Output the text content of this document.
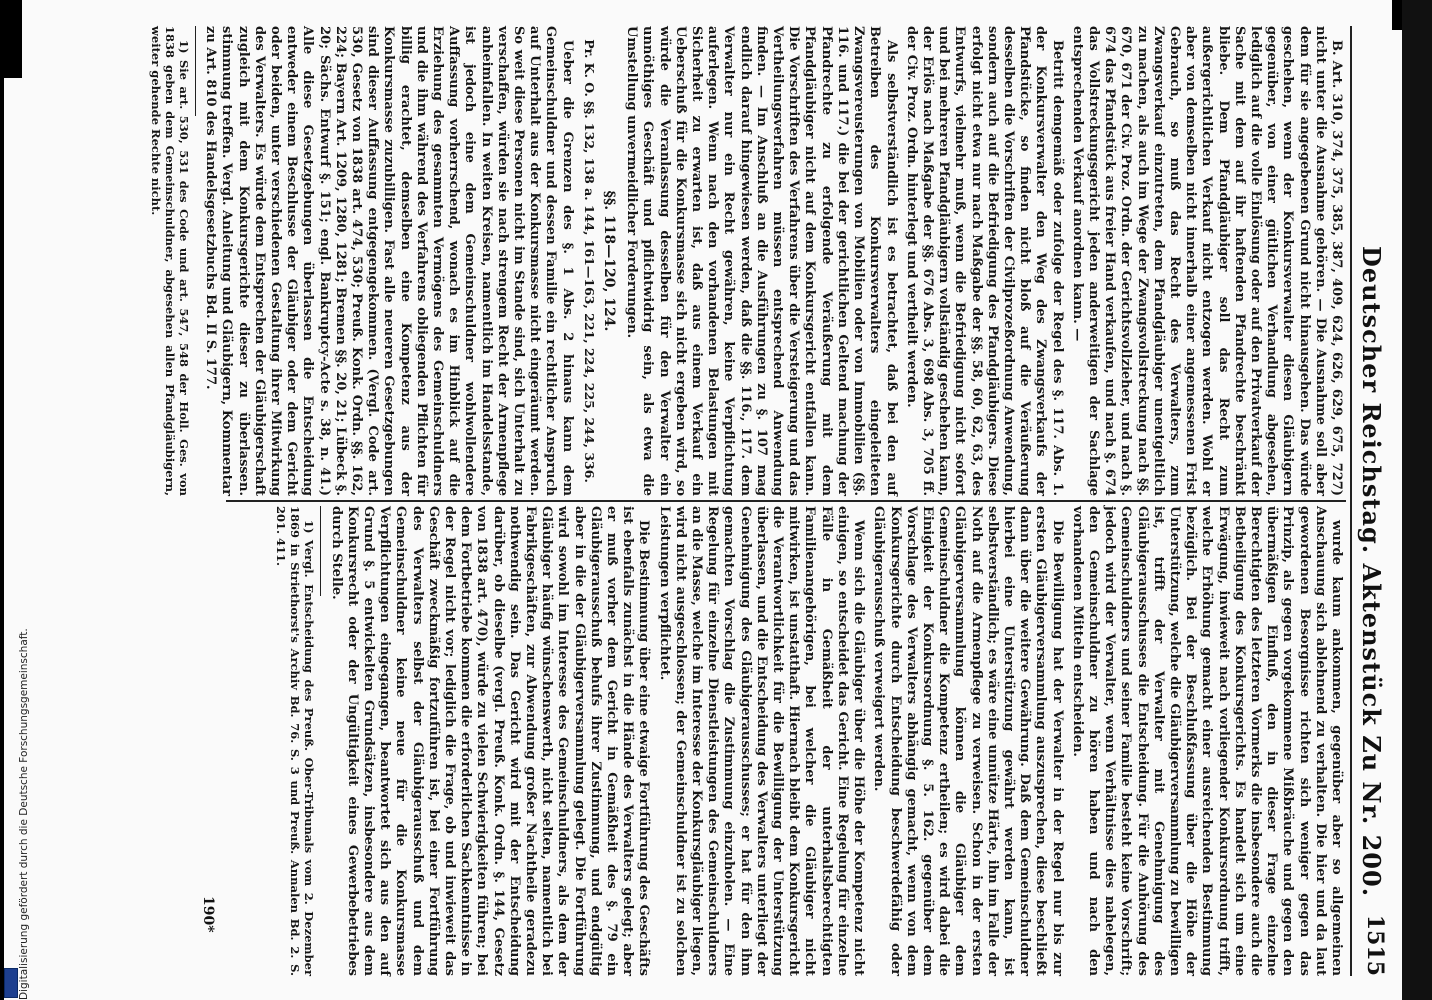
Digitalisierung gefördert durch die Deutsche Forschungsgemeinschaft.	Deutscher Reichstag. Aktenstück Zu Nr. 200.
1515

B. Art. 310, 374, 375, 385, 387, 409, 624, 626, 629, 675, 727) nicht unter die Ausnahme gehören. — Die Ausnahme soll aber dem für sie angegebenen Grund nicht hinausgehen. Das würde geschehen, wenn der Konkursverwalter diesen Gläubigern gegenüber, von einer gütlichen Verhandlung abgesehen, lediglich auf die volle Einlösung oder auf den Privatverkauf der Sache mit dem auf ihr haftenden Pfandrechte beschränkt bliebe. Dem Pfandgläubiger soll das Recht zum außergerichtlichen Verkauf nicht entzogen werden. Wohl er aber von demselben nicht innerhalb einer angemessenen Frist Gebrauch, so muß das Recht des Verwalters, zum Zwangsverkauf einzutreten, dem Pfandgläubiger unentgeltlich zu machen, als auch im Wege der Zwangsvollstreckung nach §§. 670, 671 der Civ. Proz. Ordn. der Gerichtsvollzieher, und nach §. 674 das Pfandstück aus freier Hand verkaufen, und nach §. 674 das Vollstreckungsgericht jeden anderweitigen der Sachlage entsprechenden Verkauf anordnen kann. —

Betritt demgemäß oder zufolge der Regel des §. 117. Abs. 1. der Konkursverwalter den Weg des Zwangsverkaufs der Pfandstücke, so finden nicht bloß auf die Veräußerung desselben die Vorschriften der Civilprozeßordnung Anwendung, sondern auch auf die Befriedigung des Pfandgläubigers. Diese erfolgt nicht etwa nur nach Maßgabe der §§. 58, 60, 62, 63, des Entwurfs, vielmehr muß, wenn die Befriedigung nicht sofort und bei mehreren Pfandgläubigern vollständig geschehen kann, der Erlös nach Maßgabe der §§. 676 Abs. 3, 698 Abs. 3, 705 ff. der Civ. Proz. Ordn. hinterlegt und vertheilt werden.

Als selbstverständlich ist es betrachtet, daß bei den auf Betreiben des Konkursverwalters eingeleiteten Zwangsvereusterungen von Mobilien oder von Immobilien (§§. 116. und 117.) die bei der gerichtlichen Geltend machung der Pfandrechte zu erfolgende Veräußerung mit dem Pfandgläubiger nicht auf dem Konkursgericht entfallen kann. Die Vorschriften des Verfahrens über die Versteigerung und das Vertheilungsverfahren müssen entsprechend Anwendung finden. — Im Anschluß an die Ausführungen zu §. 107 mag endlich darauf hingewiesen werden, daß die §§. 116., 117. dem Verwalter nur ein Recht gewähren, keine Verpflichtung auferlegen. Wenn nach den vorhandenen Belastungen mit Sicherheit zu erwarten ist, daß aus einem Verkauf ein Ueberschuß für die Konkursmasse sich nicht ergeben wird, so würde die Veranlassung desselben für den Verwalter ein unnöthiges Geschäft und pflichtwidrig sein, als etwa die Umstellung unvermeidlicher Forderungen.

§§. 118—120, 124.

Pr. K. O. §§. 132, 138 a. 144, 161—163, 221, 224, 225, 244, 336.

Ueber die Grenzen des §. 1 Abs. 2 hinaus kann dem Gemeinschuldner und dessen Familie ein rechtlicher Anspruch auf Unterhalt aus der Konkursmasse nicht eingeräumt werden. So weit diese Personen nicht im Stande sind, sich Unterhalt zu verschaffen, würden sie nach strengem Recht der Armenpflege anheimfallen. In weiten Kreisen, namentlich im Handelsstande, ist jedoch eine dem Gemeinschuldner wohlwollendere Auffassung vorherrschend, wonach es im Hinblick auf die Erziehung des gesammten Vermögens des Gemeinschuldners und die ihm während des Verfahrens obliegenden Pflichten für billig erachtet, demselben eine Kompetenz aus der Konkursmasse zuzubilligen. Fast alle neueren Gesetzgebungen sind dieser Auffassung entgegengekommen. (Vergl. Code art. 530, Gesetz von 1838 art. 474, 530; Preuß. Konk. Ordn. §§. 162, 224; Bayern Art. 1209, 1280, 1281; Bremen §§. 20, 21; Lübeck §. 20; Sächs. Entwurf §. 151; engl. Bankruptcy-Acte s. 38, n. 41.) Alle diese Gesetzgebungen überlassen die Entscheidung entweder einem Beschlusse der Gläubiger oder dem Gericht oder beiden, unter verschiedenen Gestaltung ihrer Mitwirkung des Verwalters. Es würde dem Entsprechen der Gläubigerschaft zugleich mit dem Konkursgerichte dieser zu überlassen. stimmung treffen. Vergl. Anleitung und Gläubigern, Kommentar zu Art. 810 des Handelsgesetzbuchs Bd. II S. 177.

1) Sie art. 530, 531 des Code und art. 547, 548 der Holl. Ges. von 1838 geben dem Gemeinschuldner, abgesehen allen Pfandgläubigern, weiter gehende Rechte nicht.

wurde kaum ankommen, gegenüber aber so allgemeinen Anschauung sich ablehnend zu verhalten. Die hier und da laut gewordenen Besorgnisse richten sich weniger gegen das Prinzip, als gegen vorgekommene Mißbräuche und gegen den übermäßigen Einfluß, den in dieser Frage einzelne Berechtigten des letzteren Vormerks die insbesondere auch die Betheiligung des Konkursgerichts. Es handelt sich um eine Erwägung, inwieweit nach vorliegender Konkursordnung trifft, welche Erhöhung gemacht einer ausreichenden Bestimmung bezüglich. Bei der Beschlußfassung über die Höhe der Unterstützung, welche die Gläubigerversammlung zu bewilligen ist, trifft der Verwalter mit Genehmigung des Gläubigerausschusses die Entscheidung. Für die Anhörung des Gemeinschuldners und seiner Familie besteht keine Vorschrift; jedoch wird der Verwalter, wenn Verhältnisse dies nahelegen, den Gemeinschuldner zu hören haben und nach den vorhandenen Mitteln entscheiden.

Die Bewilligung hat der Verwalter in der Regel nur bis zur ersten Gläubigerversammlung auszusprechen, diese beschließt dann über die weitere Gewährung. Daß dem Gemeinschuldner hierbei eine Unterstützung gewährt werden kann, ist selbstverständlich; es wäre eine unnütze Härte, ihn im Falle der Noth auf die Armenpflege zu verweisen. Schon in der ersten Gläubigerversammlung können die Gläubiger dem Gemeinschuldner die Kompetenz ertheilen; es wird dabei die Einigkeit der Konkursordnung §. 5. 162. gegenüber dem Vorschlage des Verwalters abhängig gemacht, wenn von dem Konkursgerichte durch Entscheidung beschwerdefähig oder Gläubigerausschuß verweigert werden.

Wenn sich die Gläubiger über die Höhe der Kompetenz nicht einigen, so entscheidet das Gericht. Eine Regelung für einzelne Fälle in Gemäßheit der unterhaltsberechtigten Familienangehörigen, bei welcher die Gläubiger nicht mitwirken, ist unstatthaft. Hiernach bleibt dem Konkursgericht die Verantwortlichkeit für die Bewilligung der Unterstützung überlassen, und die Entscheidung des Verwalters unterliegt der Genehmigung des Gläubigerausschusses; er hat für den ihm gemachten Vorschlag die Zustimmung einzuholen. — Eine Regelung für einzelne Dienstleistungen des Gemeinschuldners an die Masse, welche im Interesse der Konkursgläubiger liegen, wird nicht ausgeschlossen; der Gemeinschuldner ist zu solchen Leistungen verpflichtet.

Die Bestimmung über eine etwaige Fortführung des Geschäfts ist ebenfalls zunächst in die Hände des Verwalters gelegt; aber er muß vorher dem Gericht in Gemäßheit des §. 79 ein Gläubigerausschuß behufs ihrer Zustimmung, und endgültig aber in die der Gläubigerversammlung gelegt. Die Fortführung wird sowohl im Interesse des Gemeinschuldners, als dem der Gläubiger häufig wünschenswerth, nicht selten, namentlich bei Fabrikgeschäften, zur Abwendung großer Nachtheile geradezu nothwendig sein. Das Gericht wird mit der Entscheidung darüber, ob dieselbe (vergl. Preuß. Konk. Ordn. §. 144, Gesetz von 1838 art. 470), würde zu vielen Schwierigkeiten führen; bei dem Fortbetriebe kommen die erforderlichen Sachkenntnisse in der Regel nicht vor; lediglich die Frage, ob und inwieweit das Geschäft zweckmäßig fortzuführen ist, bei einer Fortführung des Verwalters selbst der Gläubigerausschuß und dem Gemeinschuldner keine neue für die Konkursmasse Verpflichtungen eingegangen, beantwortet sich aus den auf Grund §. 5 entwickelten Grundsätzen, insbesondere aus dem Konkursrecht oder der Ungültigkeit eines Gewerbebetriebes durch Stelle.

1) Vergl. Entscheidung des Preuß. Ober-Tribunals vom 2. Dezember 1869 in Striethorst's Archiv Bd. 76. S. 3 und Preuß. Annalen Bd. 2. S. 201. 411.

190*
